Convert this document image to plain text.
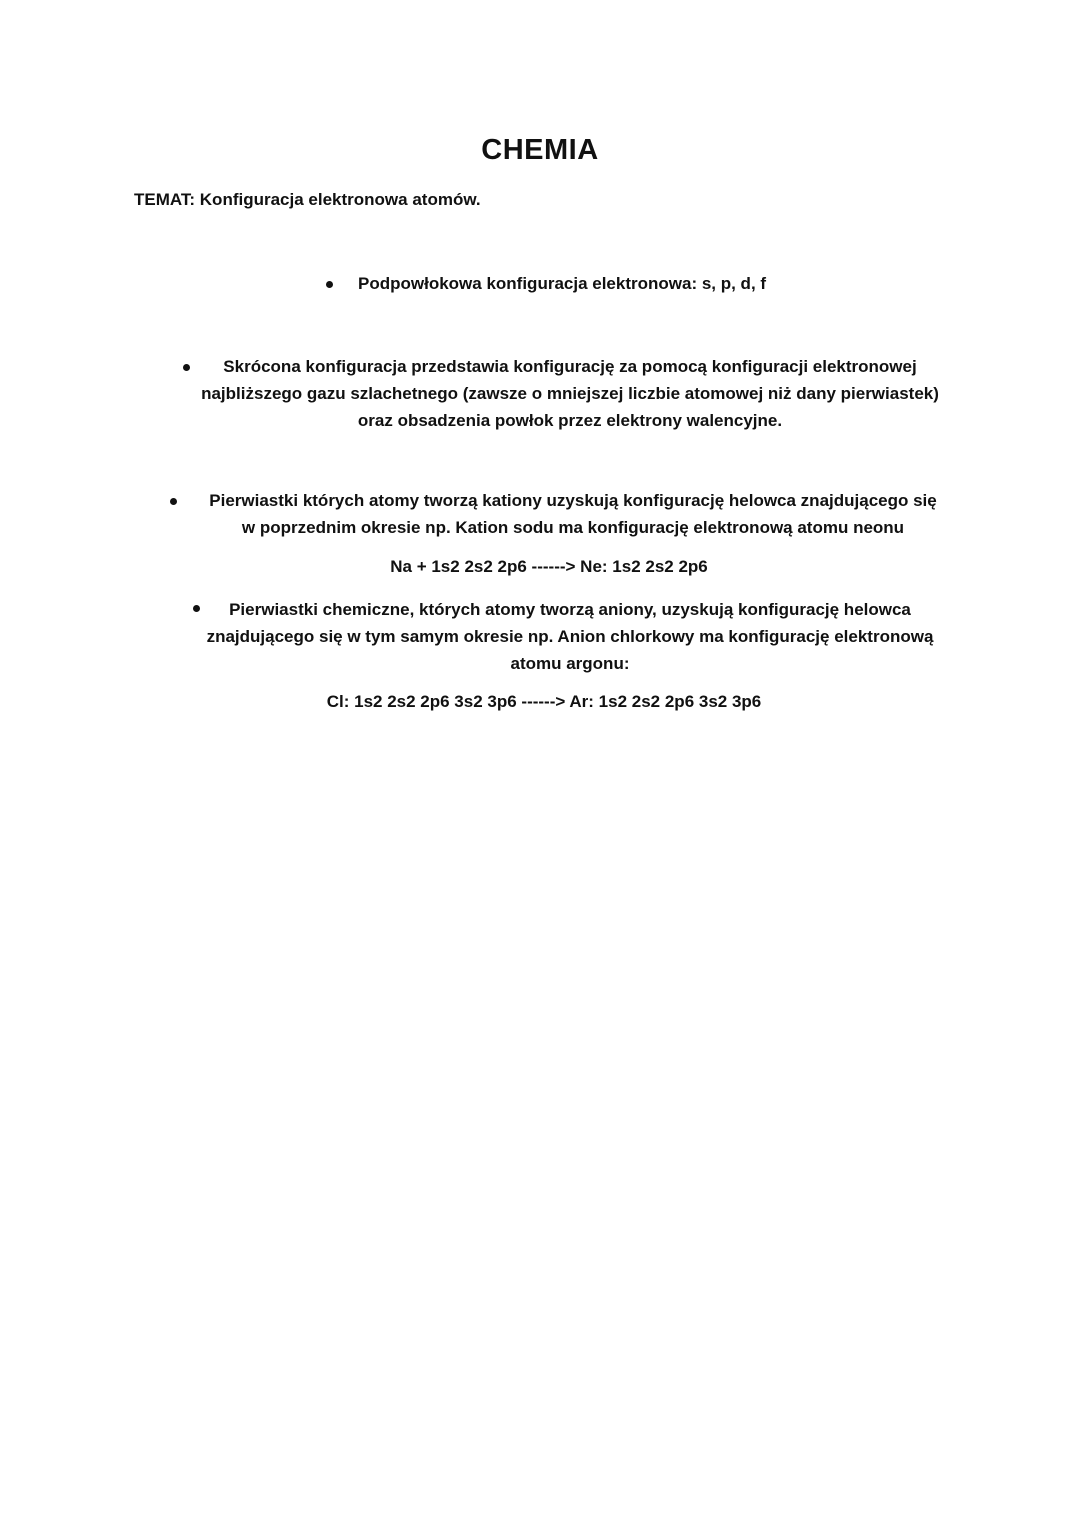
CHEMIA

TEMAT: Konfiguracja elektronowa atomów.

Podpowłokowa konfiguracja elektronowa: s, p, d, f
Skrócona konfiguracja przedstawia konfigurację za pomocą konfiguracji elektronowej
najbliższego gazu szlachetnego (zawsze o mniejszej liczbie atomowej niż dany pierwiastek)
oraz obsadzenia powłok przez elektrony walencyjne.
Pierwiastki których atomy tworzą kationy uzyskują konfigurację helowca znajdującego się
w poprzednim okresie np. Kation sodu ma konfigurację elektronową atomu neonu
Na + 1s2 2s2 2p6 ------> Ne: 1s2 2s2 2p6
Pierwiastki chemiczne, których atomy tworzą aniony, uzyskują konfigurację helowca
znajdującego się w tym samym okresie np. Anion chlorkowy ma konfigurację elektronową
atomu argonu:
Cl: 1s2 2s2 2p6 3s2 3p6 ------> Ar: 1s2 2s2 2p6 3s2 3p6
